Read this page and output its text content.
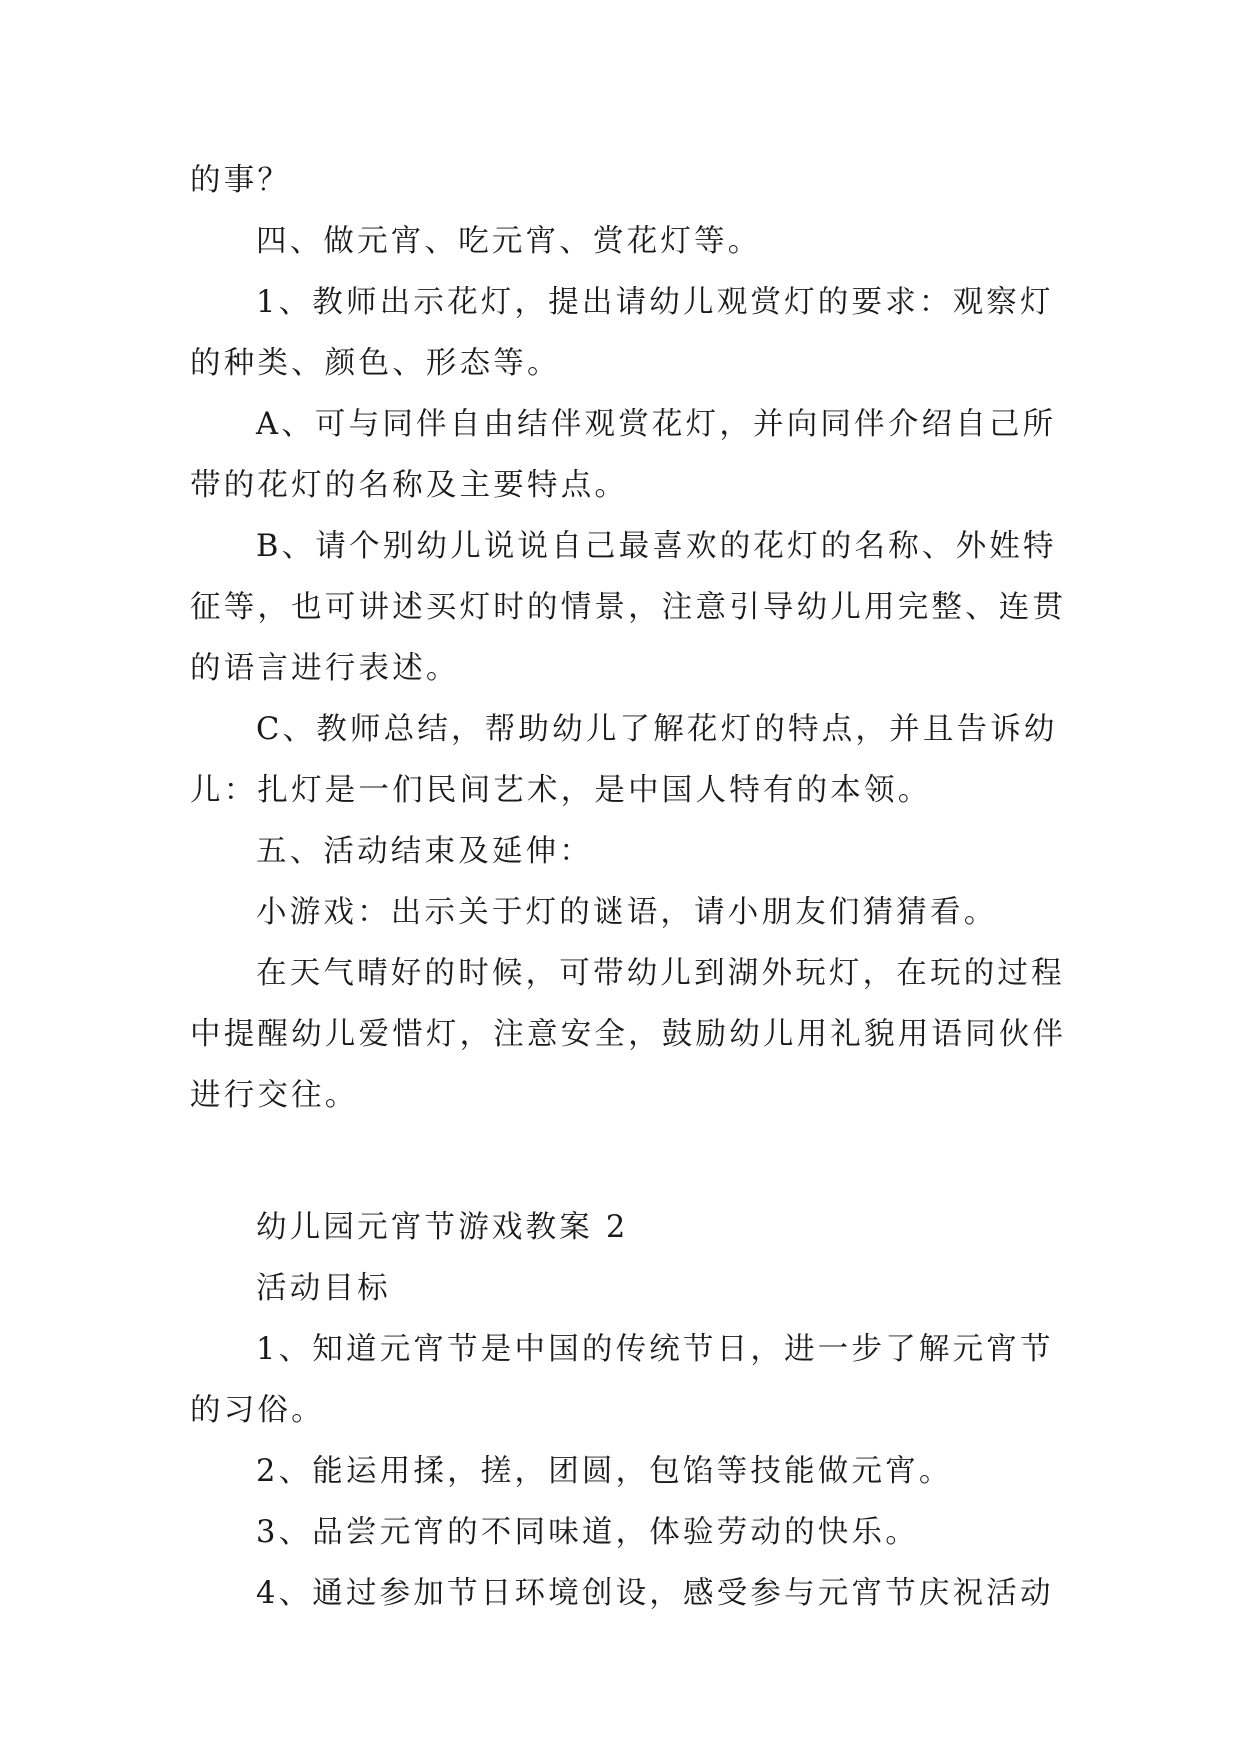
的事？
四、做元宵、吃元宵、赏花灯等。
1、教师出示花灯，提出请幼儿观赏灯的要求：观察灯
的种类、颜色、形态等。
A、可与同伴自由结伴观赏花灯，并向同伴介绍自己所
带的花灯的名称及主要特点。
B、请个别幼儿说说自己最喜欢的花灯的名称、外姓特
征等，也可讲述买灯时的情景，注意引导幼儿用完整、连贯
的语言进行表述。
C、教师总结，帮助幼儿了解花灯的特点，并且告诉幼
儿：扎灯是一们民间艺术，是中国人特有的本领。
五、活动结束及延伸：
小游戏：出示关于灯的谜语，请小朋友们猜猜看。
在天气晴好的时候，可带幼儿到湖外玩灯，在玩的过程
中提醒幼儿爱惜灯，注意安全，鼓励幼儿用礼貌用语同伙伴
进行交往。
幼儿园元宵节游戏教案 2
活动目标
1、知道元宵节是中国的传统节日，进一步了解元宵节
的习俗。
2、能运用揉，搓，团圆，包馅等技能做元宵。
3、品尝元宵的不同味道，体验劳动的快乐。
4、通过参加节日环境创设，感受参与元宵节庆祝活动
